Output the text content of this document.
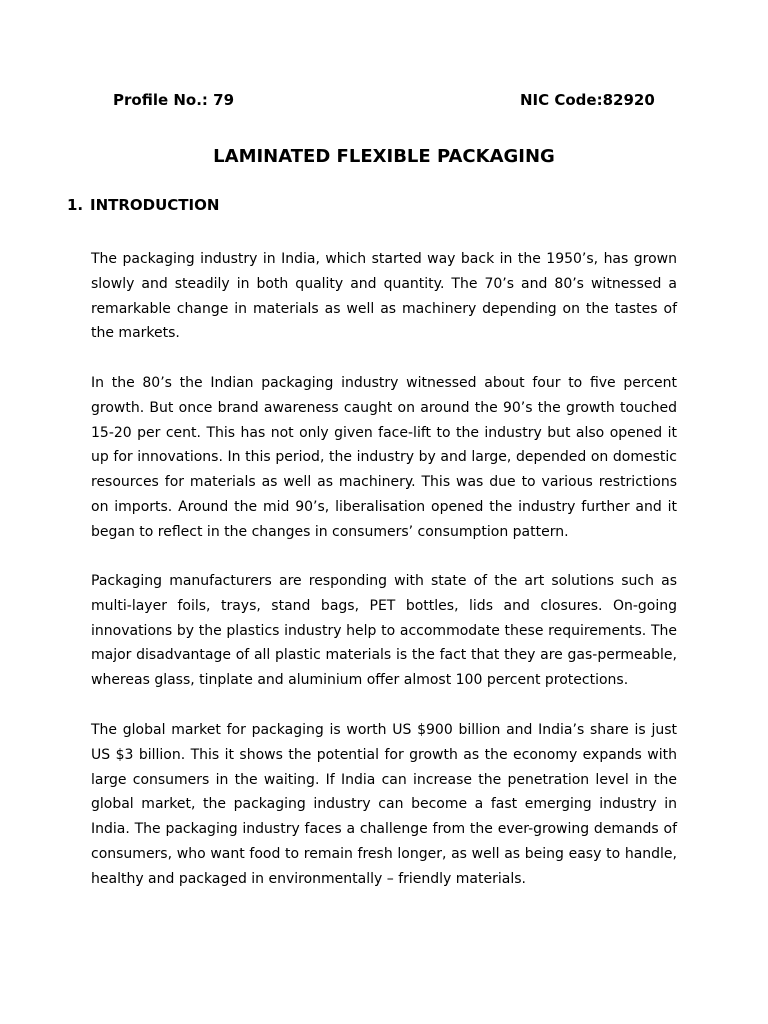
Profile No.: 79	NIC Code:82920
LAMINATED FLEXIBLE PACKAGING
1. INTRODUCTION

The packaging industry in India, which started way back in the 1950’s, has grown slowly and steadily in both quality and quantity. The 70’s and 80’s witnessed a remarkable change in materials as well as machinery depending on the tastes of the markets.

In the 80’s the Indian packaging industry witnessed about four to five percent growth. But once brand awareness caught on around the 90’s the growth touched 15-20 per cent. This has not only given face-lift to the industry but also opened it up for innovations. In this period, the industry by and large, depended on domestic resources for materials as well as machinery. This was due to various restrictions on imports. Around the mid 90’s, liberalisation opened the industry further and it began to reflect in the changes in consumers’ consumption pattern.

Packaging manufacturers are responding with state of the art solutions such as multi-layer foils, trays, stand bags, PET bottles, lids and closures. On-going innovations by the plastics industry help to accommodate these requirements. The major disadvantage of all plastic materials is the fact that they are gas-permeable, whereas glass, tinplate and aluminium offer almost 100 percent protections.

The global market for packaging is worth US $900 billion and India’s share is just US $3 billion. This it shows the potential for growth as the economy expands with large consumers in the waiting. If India can increase the penetration level in the global market, the packaging industry can become a fast emerging industry in India. The packaging industry faces a challenge from the ever-growing demands of consumers, who want food to remain fresh longer, as well as being easy to handle, healthy and packaged in environmentally – friendly materials.
